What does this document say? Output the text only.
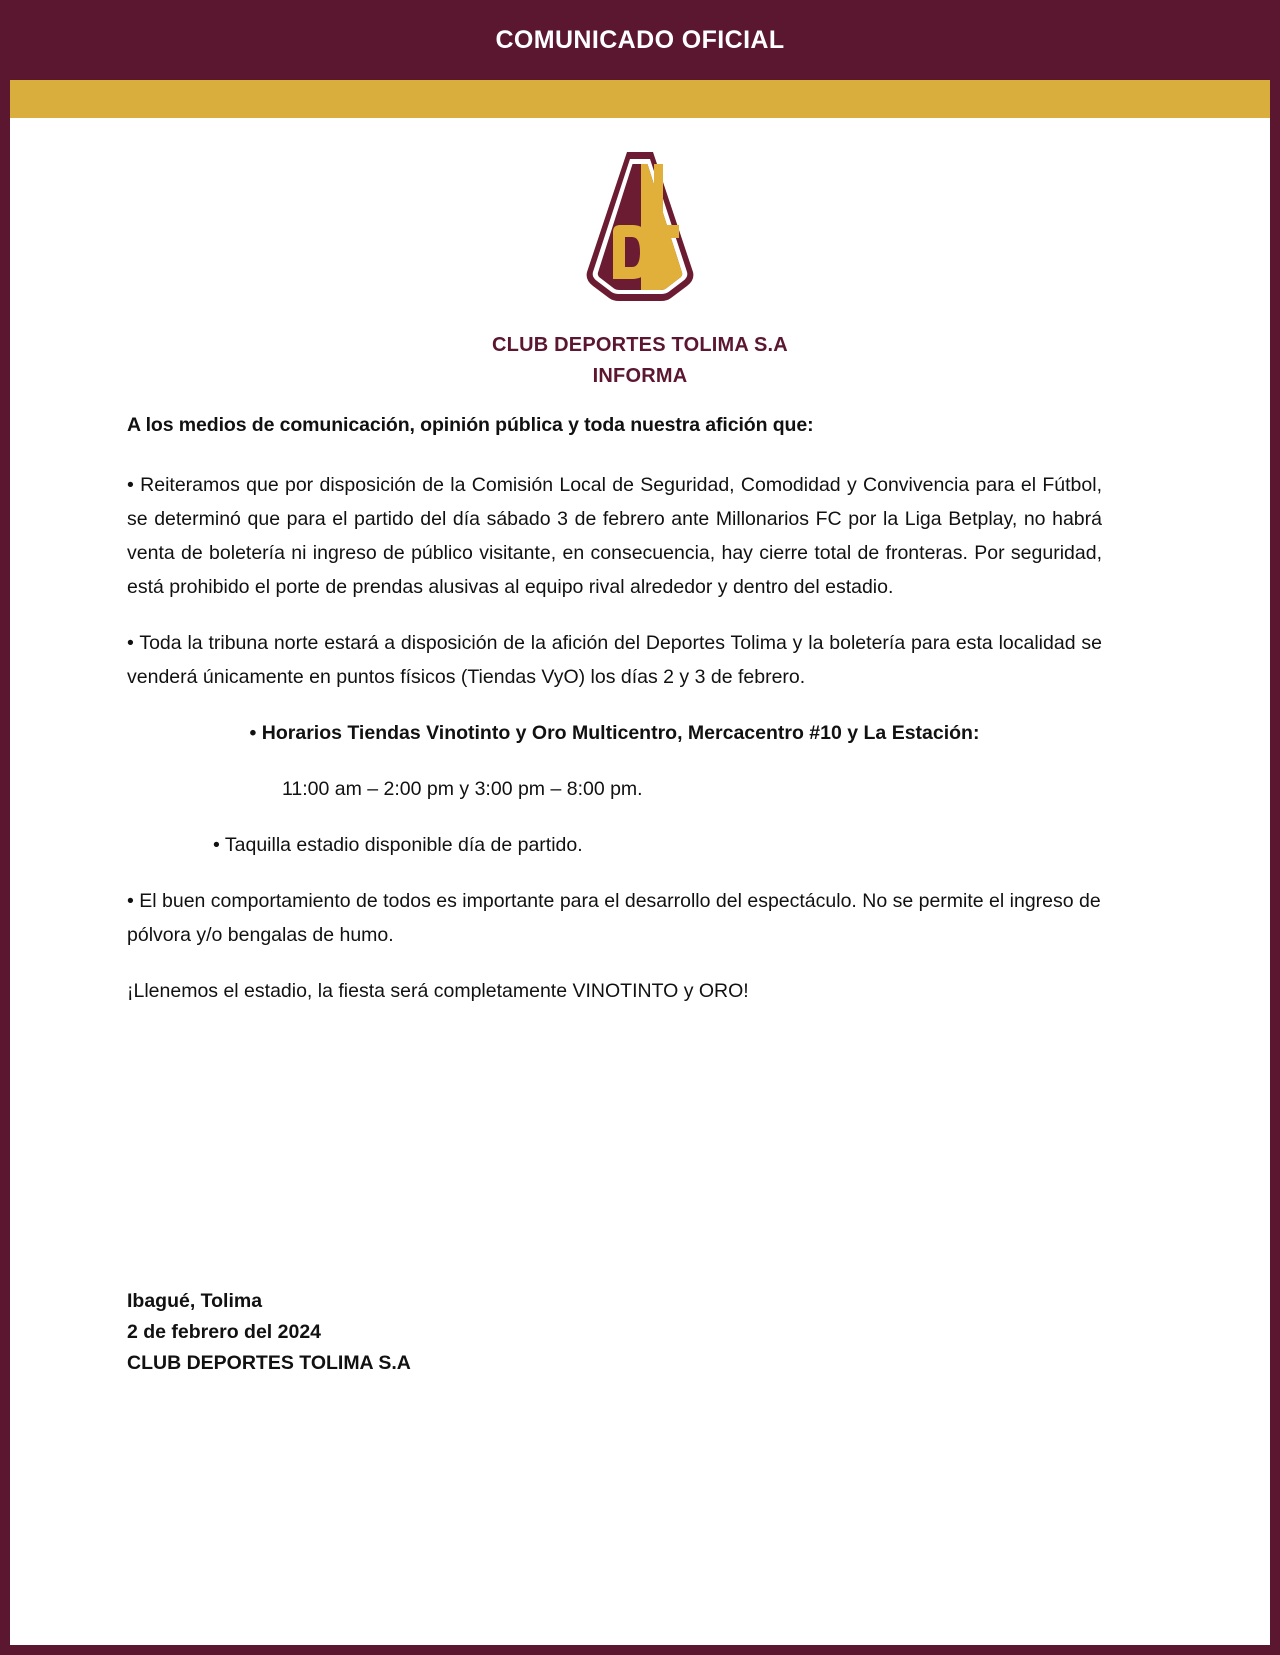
COMUNICADO OFICIAL
CLUB DEPORTES TOLIMA S.A
INFORMA

A los medios de comunicación, opinión pública y toda nuestra afición que:

• Reiteramos que por disposición de la Comisión Local de Seguridad, Comodidad y Convivencia para el Fútbol, se determinó que para el partido del día sábado 3 de febrero ante Millonarios FC por la Liga Betplay, no habrá venta de boletería ni ingreso de público visitante, en consecuencia, hay cierre total de fronteras. Por seguridad, está prohibido el porte de prendas alusivas al equipo rival alrededor y dentro del estadio.

• Toda la tribuna norte estará a disposición de la afición del Deportes Tolima y la boletería para esta localidad se venderá únicamente en puntos físicos (Tiendas VyO) los días 2 y 3 de febrero.

• Horarios Tiendas Vinotinto y Oro Multicentro, Mercacentro #10 y La Estación:

11:00 am – 2:00 pm y 3:00 pm – 8:00 pm.

• Taquilla estadio disponible día de partido.

• El buen comportamiento de todos es importante para el desarrollo del espectáculo. No se permite el ingreso de pólvora y/o bengalas de humo.

¡Llenemos el estadio, la fiesta será completamente VINOTINTO y ORO!

Ibagué, Tolima
2 de febrero del 2024
CLUB DEPORTES TOLIMA S.A
